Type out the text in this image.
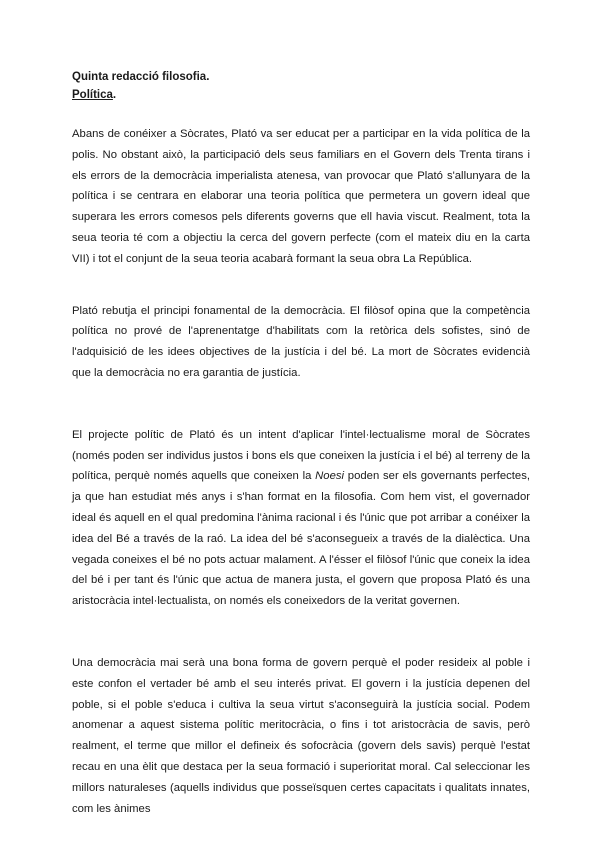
Quinta redacció filosofia.
Política.

Abans de conéixer a Sòcrates, Plató va ser educat per a participar en la vida política de la polis. No obstant això, la participació dels seus familiars en el Govern dels Trenta tirans i els errors de la democràcia imperialista atenesa, van provocar que Plató s'allunyara de la política i se centrara en elaborar una teoria política que permetera un govern ideal que superara les errors comesos pels diferents governs que ell havia viscut. Realment, tota la seua teoria té com a objectiu la cerca del govern perfecte (com el mateix diu en la carta VII) i tot el conjunt de la seua teoria acabarà formant la seua obra La República.

Plató rebutja el principi fonamental de la democràcia. El filòsof opina que la competència política no prové de l'aprenentatge d'habilitats com la retòrica dels sofistes, sinó de l'adquisició de les idees objectives de la justícia i del bé. La mort de Sòcrates evidencià que la democràcia no era garantia de justícia.

El projecte polític de Plató és un intent d'aplicar l'intel·lectualisme moral de Sòcrates (només poden ser individus justos i bons els que coneixen la justícia i el bé) al terreny de la política, perquè només aquells que coneixen la Noesi poden ser els governants perfectes, ja que han estudiat més anys i s'han format en la filosofia. Com hem vist, el governador ideal és aquell en el qual predomina l'ànima racional i és l'únic que pot arribar a conéixer la idea del Bé a través de la raó. La idea del bé s'aconsegueix a través de la dialèctica. Una vegada coneixes el bé no pots actuar malament. A l'ésser el filòsof l'únic que coneix la idea del bé i per tant és l'únic que actua de manera justa, el govern que proposa Plató és una aristocràcia intel·lectualista, on només els coneixedors de la veritat governen.

Una democràcia mai serà una bona forma de govern perquè el poder resideix al poble i este confon el vertader bé amb el seu interés privat. El govern i la justícia depenen del poble, si el poble s'educa i cultiva la seua virtut s'aconseguirà la justícia social. Podem anomenar a aquest sistema polític meritocràcia, o fins i tot aristocràcia de savis, però realment, el terme que millor el defineix és sofocràcia (govern dels savis) perquè l'estat recau en una èlit que destaca per la seua formació i superioritat moral. Cal seleccionar les millors naturaleses (aquells individus que posseïsquen certes capacitats i qualitats innates, com les ànimes
